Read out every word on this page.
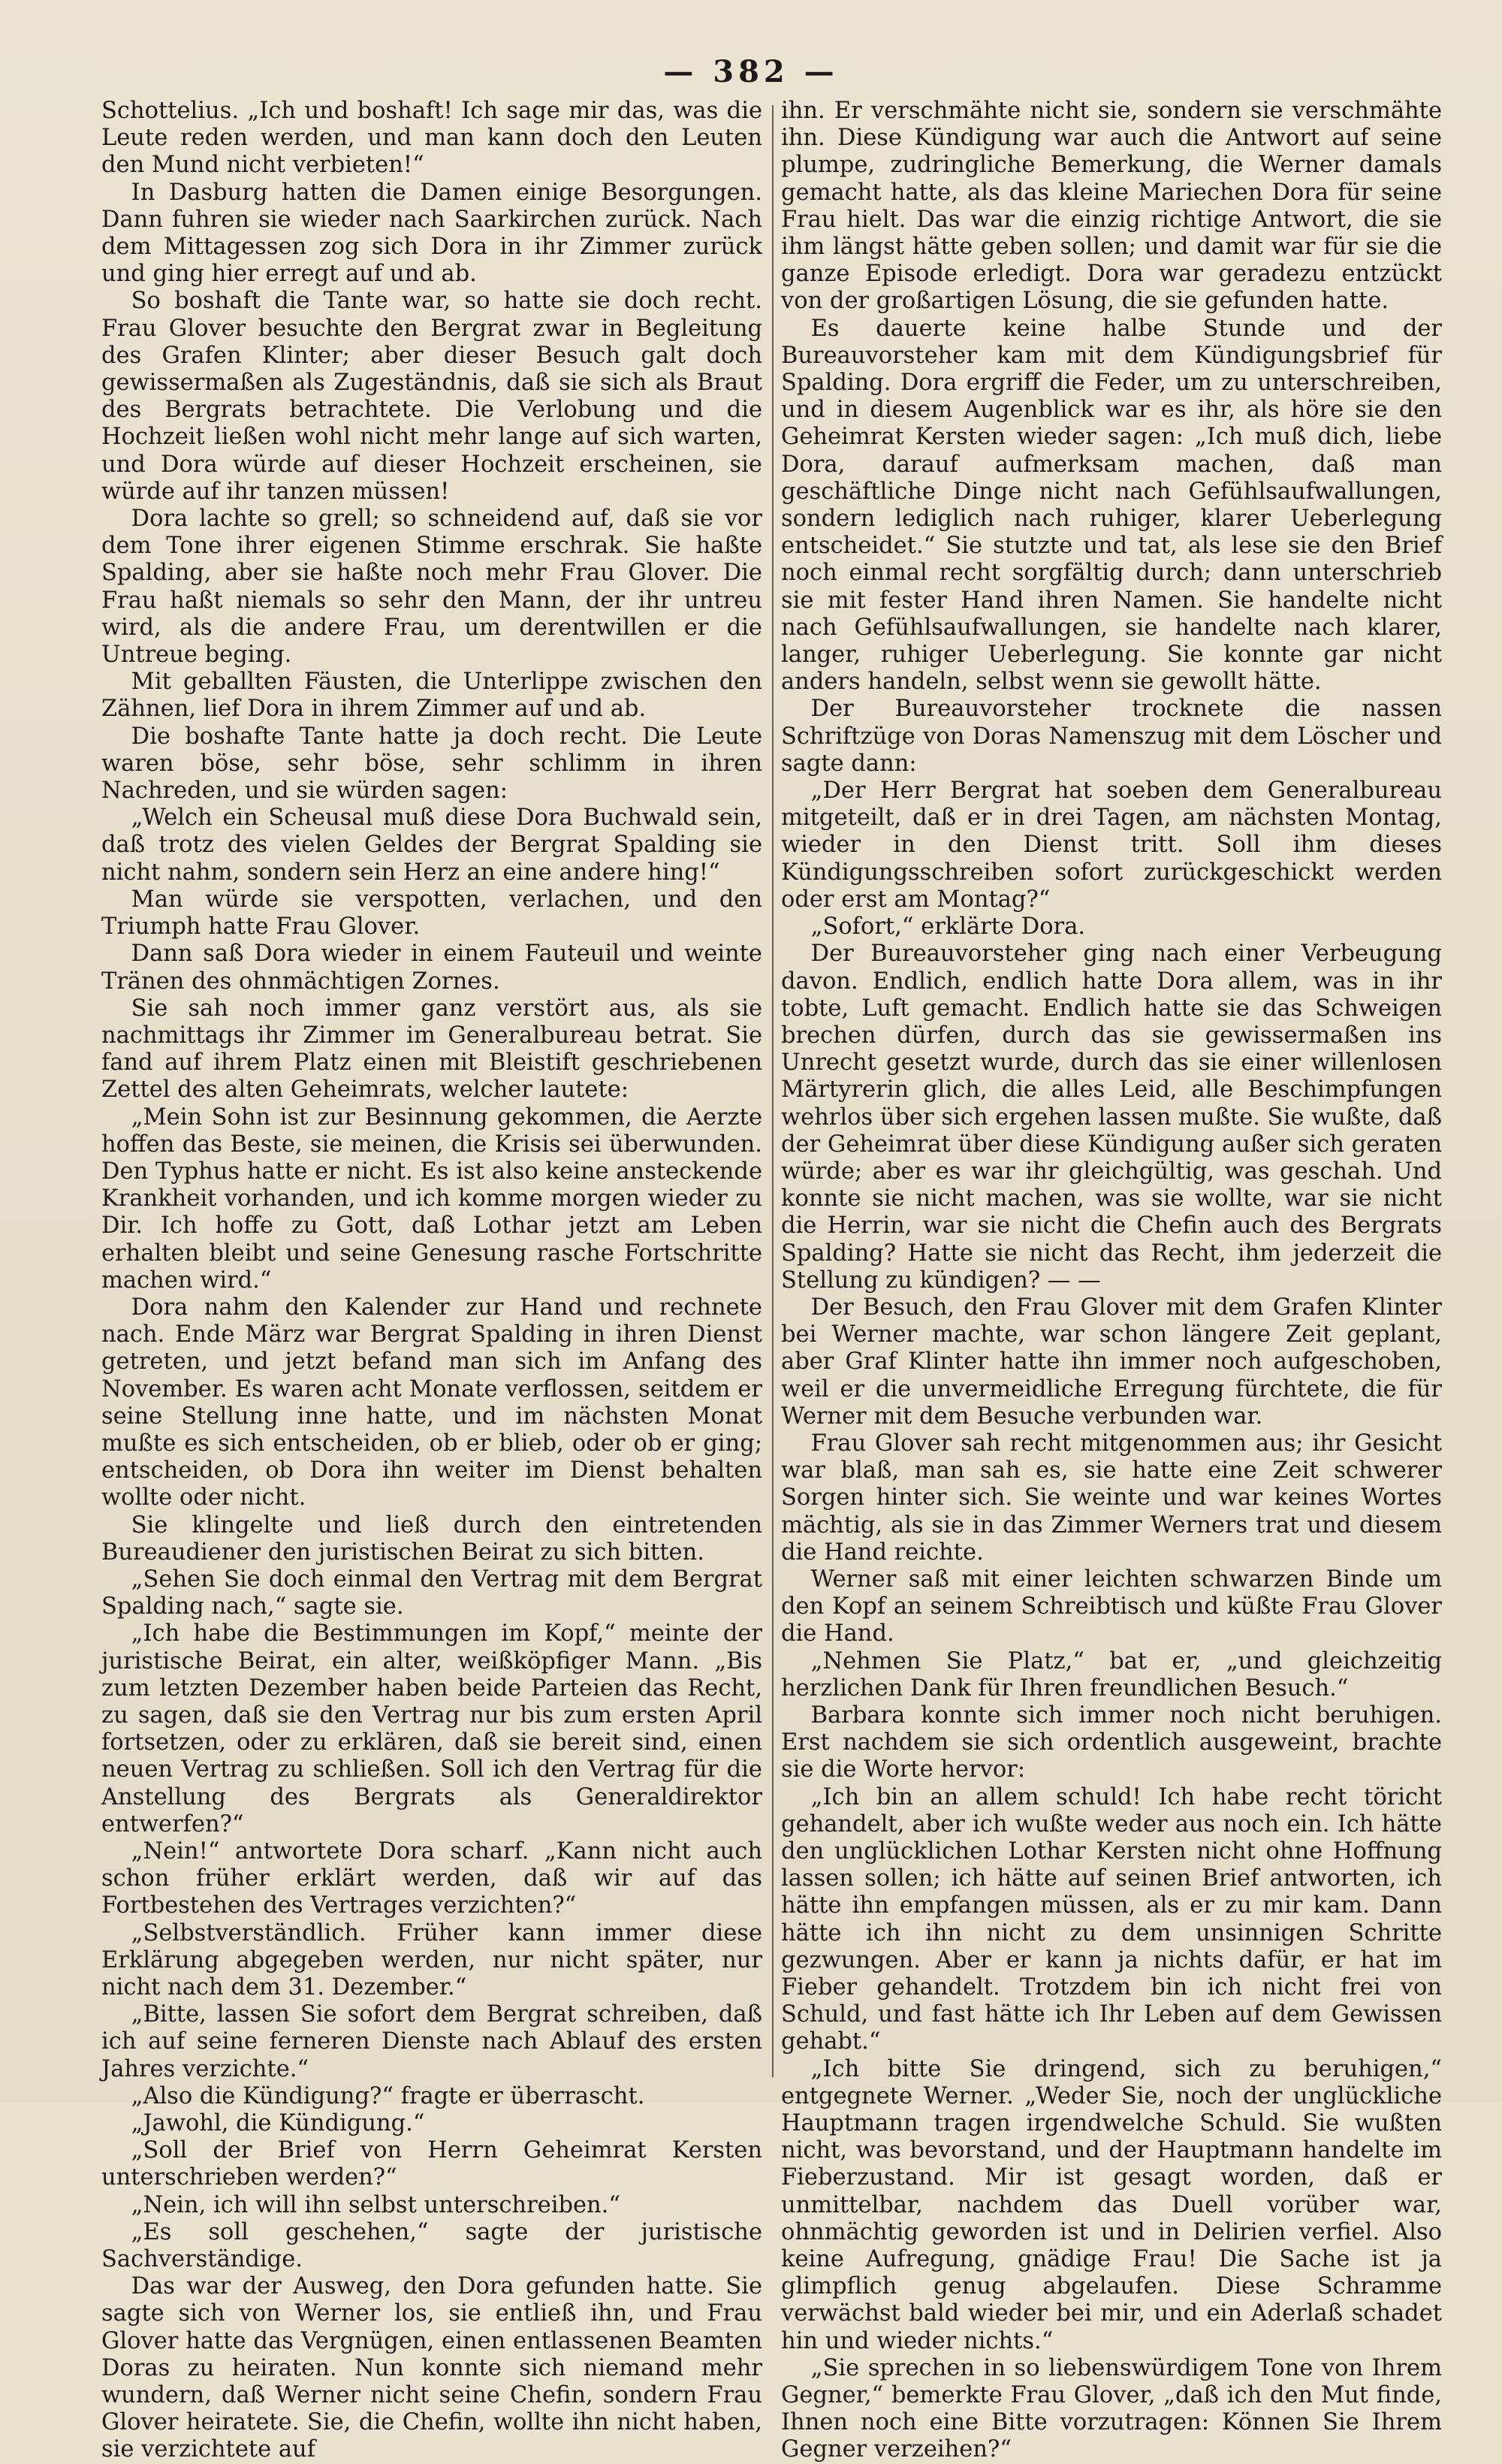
— 382 —

Schottelius. „Ich und boshaft! Ich sage mir das, was die Leute reden werden, und man kann doch den Leuten den Mund nicht verbieten!“

In Dasburg hatten die Damen einige Besorgungen. Dann fuhren sie wieder nach Saarkirchen zurück. Nach dem Mittagessen zog sich Dora in ihr Zimmer zurück und ging hier erregt auf und ab.

So boshaft die Tante war, so hatte sie doch recht. Frau Glover besuchte den Bergrat zwar in Begleitung des Grafen Klinter; aber dieser Besuch galt doch gewissermaßen als Zugeständnis, daß sie sich als Braut des Bergrats betrachtete. Die Verlobung und die Hochzeit ließen wohl nicht mehr lange auf sich warten, und Dora würde auf dieser Hochzeit erscheinen, sie würde auf ihr tanzen müssen!

Dora lachte so grell; so schneidend auf, daß sie vor dem Tone ihrer eigenen Stimme erschrak. Sie haßte Spalding, aber sie haßte noch mehr Frau Glover. Die Frau haßt niemals so sehr den Mann, der ihr untreu wird, als die andere Frau, um derentwillen er die Untreue beging.

Mit geballten Fäusten, die Unterlippe zwischen den Zähnen, lief Dora in ihrem Zimmer auf und ab.

Die boshafte Tante hatte ja doch recht. Die Leute waren böse, sehr böse, sehr schlimm in ihren Nachreden, und sie würden sagen:

„Welch ein Scheusal muß diese Dora Buchwald sein, daß trotz des vielen Geldes der Bergrat Spalding sie nicht nahm, sondern sein Herz an eine andere hing!“

Man würde sie verspotten, verlachen, und den Triumph hatte Frau Glover.

Dann saß Dora wieder in einem Fauteuil und weinte Tränen des ohnmächtigen Zornes.

Sie sah noch immer ganz verstört aus, als sie nachmittags ihr Zimmer im Generalbureau betrat. Sie fand auf ihrem Platz einen mit Bleistift geschriebenen Zettel des alten Geheimrats, welcher lautete:

„Mein Sohn ist zur Besinnung gekommen, die Aerzte hoffen das Beste, sie meinen, die Krisis sei überwunden. Den Typhus hatte er nicht. Es ist also keine ansteckende Krankheit vorhanden, und ich komme morgen wieder zu Dir. Ich hoffe zu Gott, daß Lothar jetzt am Leben erhalten bleibt und seine Genesung rasche Fortschritte machen wird.“

Dora nahm den Kalender zur Hand und rechnete nach. Ende März war Bergrat Spalding in ihren Dienst getreten, und jetzt befand man sich im Anfang des November. Es waren acht Monate verflossen, seitdem er seine Stellung inne hatte, und im nächsten Monat mußte es sich entscheiden, ob er blieb, oder ob er ging; entscheiden, ob Dora ihn weiter im Dienst behalten wollte oder nicht.

Sie klingelte und ließ durch den eintretenden Bureaudiener den juristischen Beirat zu sich bitten.

„Sehen Sie doch einmal den Vertrag mit dem Bergrat Spalding nach,“ sagte sie.

„Ich habe die Bestimmungen im Kopf,“ meinte der juristische Beirat, ein alter, weißköpfiger Mann. „Bis zum letzten Dezember haben beide Parteien das Recht, zu sagen, daß sie den Vertrag nur bis zum ersten April fortsetzen, oder zu erklären, daß sie bereit sind, einen neuen Vertrag zu schließen. Soll ich den Vertrag für die Anstellung des Bergrats als Generaldirektor entwerfen?“

„Nein!“ antwortete Dora scharf. „Kann nicht auch schon früher erklärt werden, daß wir auf das Fortbestehen des Vertrages verzichten?“

„Selbstverständlich. Früher kann immer diese Erklärung abgegeben werden, nur nicht später, nur nicht nach dem 31. Dezember.“

„Bitte, lassen Sie sofort dem Bergrat schreiben, daß ich auf seine ferneren Dienste nach Ablauf des ersten Jahres verzichte.“

„Also die Kündigung?“ fragte er überrascht.

„Jawohl, die Kündigung.“

„Soll der Brief von Herrn Geheimrat Kersten unterschrieben werden?“

„Nein, ich will ihn selbst unterschreiben.“

„Es soll geschehen,“ sagte der juristische Sachverständige.

Das war der Ausweg, den Dora gefunden hatte. Sie sagte sich von Werner los, sie entließ ihn, und Frau Glover hatte das Vergnügen, einen entlassenen Beamten Doras zu heiraten. Nun konnte sich niemand mehr wundern, daß Werner nicht seine Chefin, sondern Frau Glover heiratete. Sie, die Chefin, wollte ihn nicht haben, sie verzichtete auf

ihn. Er verschmähte nicht sie, sondern sie verschmähte ihn. Diese Kündigung war auch die Antwort auf seine plumpe, zudringliche Bemerkung, die Werner damals gemacht hatte, als das kleine Mariechen Dora für seine Frau hielt. Das war die einzig richtige Antwort, die sie ihm längst hätte geben sollen; und damit war für sie die ganze Episode erledigt. Dora war geradezu entzückt von der großartigen Lösung, die sie gefunden hatte.

Es dauerte keine halbe Stunde und der Bureauvorsteher kam mit dem Kündigungsbrief für Spalding. Dora ergriff die Feder, um zu unterschreiben, und in diesem Augenblick war es ihr, als höre sie den Geheimrat Kersten wieder sagen: „Ich muß dich, liebe Dora, darauf aufmerksam machen, daß man geschäftliche Dinge nicht nach Gefühlsaufwallungen, sondern lediglich nach ruhiger, klarer Ueberlegung entscheidet.“ Sie stutzte und tat, als lese sie den Brief noch einmal recht sorgfältig durch; dann unterschrieb sie mit fester Hand ihren Namen. Sie handelte nicht nach Gefühlsaufwallungen, sie handelte nach klarer, langer, ruhiger Ueberlegung. Sie konnte gar nicht anders handeln, selbst wenn sie gewollt hätte.

Der Bureauvorsteher trocknete die nassen Schriftzüge von Doras Namenszug mit dem Löscher und sagte dann:

„Der Herr Bergrat hat soeben dem Generalbureau mitgeteilt, daß er in drei Tagen, am nächsten Montag, wieder in den Dienst tritt. Soll ihm dieses Kündigungsschreiben sofort zurückgeschickt werden oder erst am Montag?“

„Sofort,“ erklärte Dora.

Der Bureauvorsteher ging nach einer Verbeugung davon. Endlich, endlich hatte Dora allem, was in ihr tobte, Luft gemacht. Endlich hatte sie das Schweigen brechen dürfen, durch das sie gewissermaßen ins Unrecht gesetzt wurde, durch das sie einer willenlosen Märtyrerin glich, die alles Leid, alle Beschimpfungen wehrlos über sich ergehen lassen mußte. Sie wußte, daß der Geheimrat über diese Kündigung außer sich geraten würde; aber es war ihr gleichgültig, was geschah. Und konnte sie nicht machen, was sie wollte, war sie nicht die Herrin, war sie nicht die Chefin auch des Bergrats Spalding? Hatte sie nicht das Recht, ihm jederzeit die Stellung zu kündigen? — —

Der Besuch, den Frau Glover mit dem Grafen Klinter bei Werner machte, war schon längere Zeit geplant, aber Graf Klinter hatte ihn immer noch aufgeschoben, weil er die unvermeidliche Erregung fürchtete, die für Werner mit dem Besuche verbunden war.

Frau Glover sah recht mitgenommen aus; ihr Gesicht war blaß, man sah es, sie hatte eine Zeit schwerer Sorgen hinter sich. Sie weinte und war keines Wortes mächtig, als sie in das Zimmer Werners trat und diesem die Hand reichte.

Werner saß mit einer leichten schwarzen Binde um den Kopf an seinem Schreibtisch und küßte Frau Glover die Hand.

„Nehmen Sie Platz,“ bat er, „und gleichzeitig herzlichen Dank für Ihren freundlichen Besuch.“

Barbara konnte sich immer noch nicht beruhigen. Erst nachdem sie sich ordentlich ausgeweint, brachte sie die Worte hervor:

„Ich bin an allem schuld! Ich habe recht töricht gehandelt, aber ich wußte weder aus noch ein. Ich hätte den unglücklichen Lothar Kersten nicht ohne Hoffnung lassen sollen; ich hätte auf seinen Brief antworten, ich hätte ihn empfangen müssen, als er zu mir kam. Dann hätte ich ihn nicht zu dem unsinnigen Schritte gezwungen. Aber er kann ja nichts dafür, er hat im Fieber gehandelt. Trotzdem bin ich nicht frei von Schuld, und fast hätte ich Ihr Leben auf dem Gewissen gehabt.“

„Ich bitte Sie dringend, sich zu beruhigen,“ entgegnete Werner. „Weder Sie, noch der unglückliche Hauptmann tragen irgendwelche Schuld. Sie wußten nicht, was bevorstand, und der Hauptmann handelte im Fieberzustand. Mir ist gesagt worden, daß er unmittelbar, nachdem das Duell vorüber war, ohnmächtig geworden ist und in Delirien verfiel. Also keine Aufregung, gnädige Frau! Die Sache ist ja glimpflich genug abgelaufen. Diese Schramme verwächst bald wieder bei mir, und ein Aderlaß schadet hin und wieder nichts.“

„Sie sprechen in so liebenswürdigem Tone von Ihrem Gegner,“ bemerkte Frau Glover, „daß ich den Mut finde, Ihnen noch eine Bitte vorzutragen: Können Sie Ihrem Gegner verzeihen?“
